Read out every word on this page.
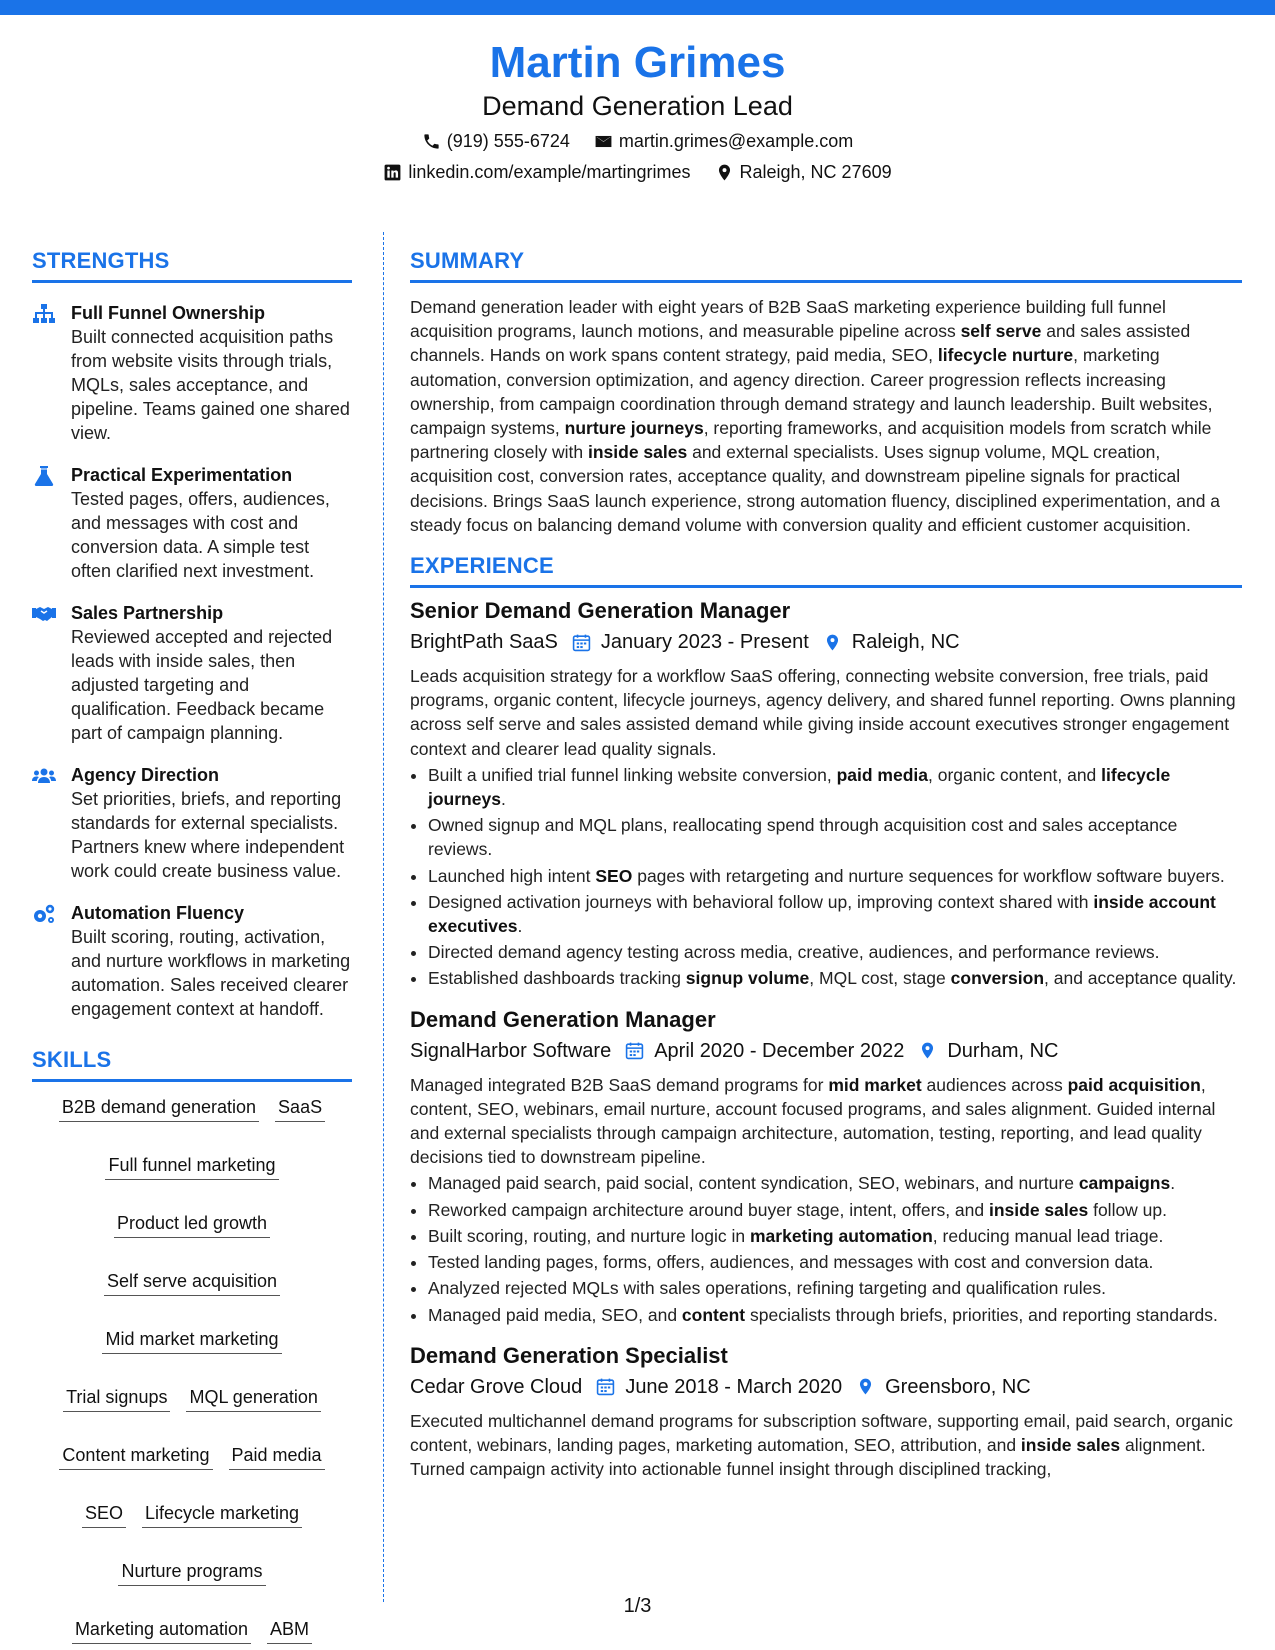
Martin Grimes
Demand Generation Lead
(919) 555-6724	martin.grimes@example.com
linkedin.com/example/martingrimes	Raleigh, NC 27609
STRENGTHS
Full Funnel Ownership
Built connected acquisition paths from website visits through trials, MQLs, sales acceptance, and pipeline. Teams gained one shared view.
Practical Experimentation
Tested pages, offers, audiences, and messages with cost and conversion data. A simple test often clarified next investment.
Sales Partnership
Reviewed accepted and rejected leads with inside sales, then adjusted targeting and qualification. Feedback became part of campaign planning.
Agency Direction
Set priorities, briefs, and reporting standards for external specialists. Partners knew where independent work could create business value.
Automation Fluency
Built scoring, routing, activation, and nurture workflows in marketing automation. Sales received clearer engagement context at handoff.
SKILLS
B2B demand generation SaaS
Full funnel marketing
Product led growth
Self serve acquisition
Mid market marketing
Trial signups MQL generation
Content marketing Paid media
SEO Lifecycle marketing
Nurture programs
Marketing automation ABM
SUMMARY
Demand generation leader with eight years of B2B SaaS marketing experience building full funnel acquisition programs, launch motions, and measurable pipeline across self serve and sales assisted channels. Hands on work spans content strategy, paid media, SEO, lifecycle nurture, marketing automation, conversion optimization, and agency direction. Career progression reflects increasing ownership, from campaign coordination through demand strategy and launch leadership. Built websites, campaign systems, nurture journeys, reporting frameworks, and acquisition models from scratch while partnering closely with inside sales and external specialists. Uses signup volume, MQL creation, acquisition cost, conversion rates, acceptance quality, and downstream pipeline signals for practical decisions. Brings SaaS launch experience, strong automation fluency, disciplined experimentation, and a steady focus on balancing demand volume with conversion quality and efficient customer acquisition.
EXPERIENCE
Senior Demand Generation Manager
BrightPath SaaS January 2023 - Present Raleigh, NC
Leads acquisition strategy for a workflow SaaS offering, connecting website conversion, free trials, paid programs, organic content, lifecycle journeys, agency delivery, and shared funnel reporting. Owns planning across self serve and sales assisted demand while giving inside account executives stronger engagement context and clearer lead quality signals.
• Built a unified trial funnel linking website conversion, paid media, organic content, and lifecycle journeys.
• Owned signup and MQL plans, reallocating spend through acquisition cost and sales acceptance reviews.
• Launched high intent SEO pages with retargeting and nurture sequences for workflow software buyers.
• Designed activation journeys with behavioral follow up, improving context shared with inside account executives.
• Directed demand agency testing across media, creative, audiences, and performance reviews.
• Established dashboards tracking signup volume, MQL cost, stage conversion, and acceptance quality.
Demand Generation Manager
SignalHarbor Software April 2020 - December 2022 Durham, NC
Managed integrated B2B SaaS demand programs for mid market audiences across paid acquisition, content, SEO, webinars, email nurture, account focused programs, and sales alignment. Guided internal and external specialists through campaign architecture, automation, testing, reporting, and lead quality decisions tied to downstream pipeline.
• Managed paid search, paid social, content syndication, SEO, webinars, and nurture campaigns.
• Reworked campaign architecture around buyer stage, intent, offers, and inside sales follow up.
• Built scoring, routing, and nurture logic in marketing automation, reducing manual lead triage.
• Tested landing pages, forms, offers, audiences, and messages with cost and conversion data.
• Analyzed rejected MQLs with sales operations, refining targeting and qualification rules.
• Managed paid media, SEO, and content specialists through briefs, priorities, and reporting standards.
Demand Generation Specialist
Cedar Grove Cloud June 2018 - March 2020 Greensboro, NC
Executed multichannel demand programs for subscription software, supporting email, paid search, organic content, webinars, landing pages, marketing automation, SEO, attribution, and inside sales alignment. Turned campaign activity into actionable funnel insight through disciplined tracking,
1/3
